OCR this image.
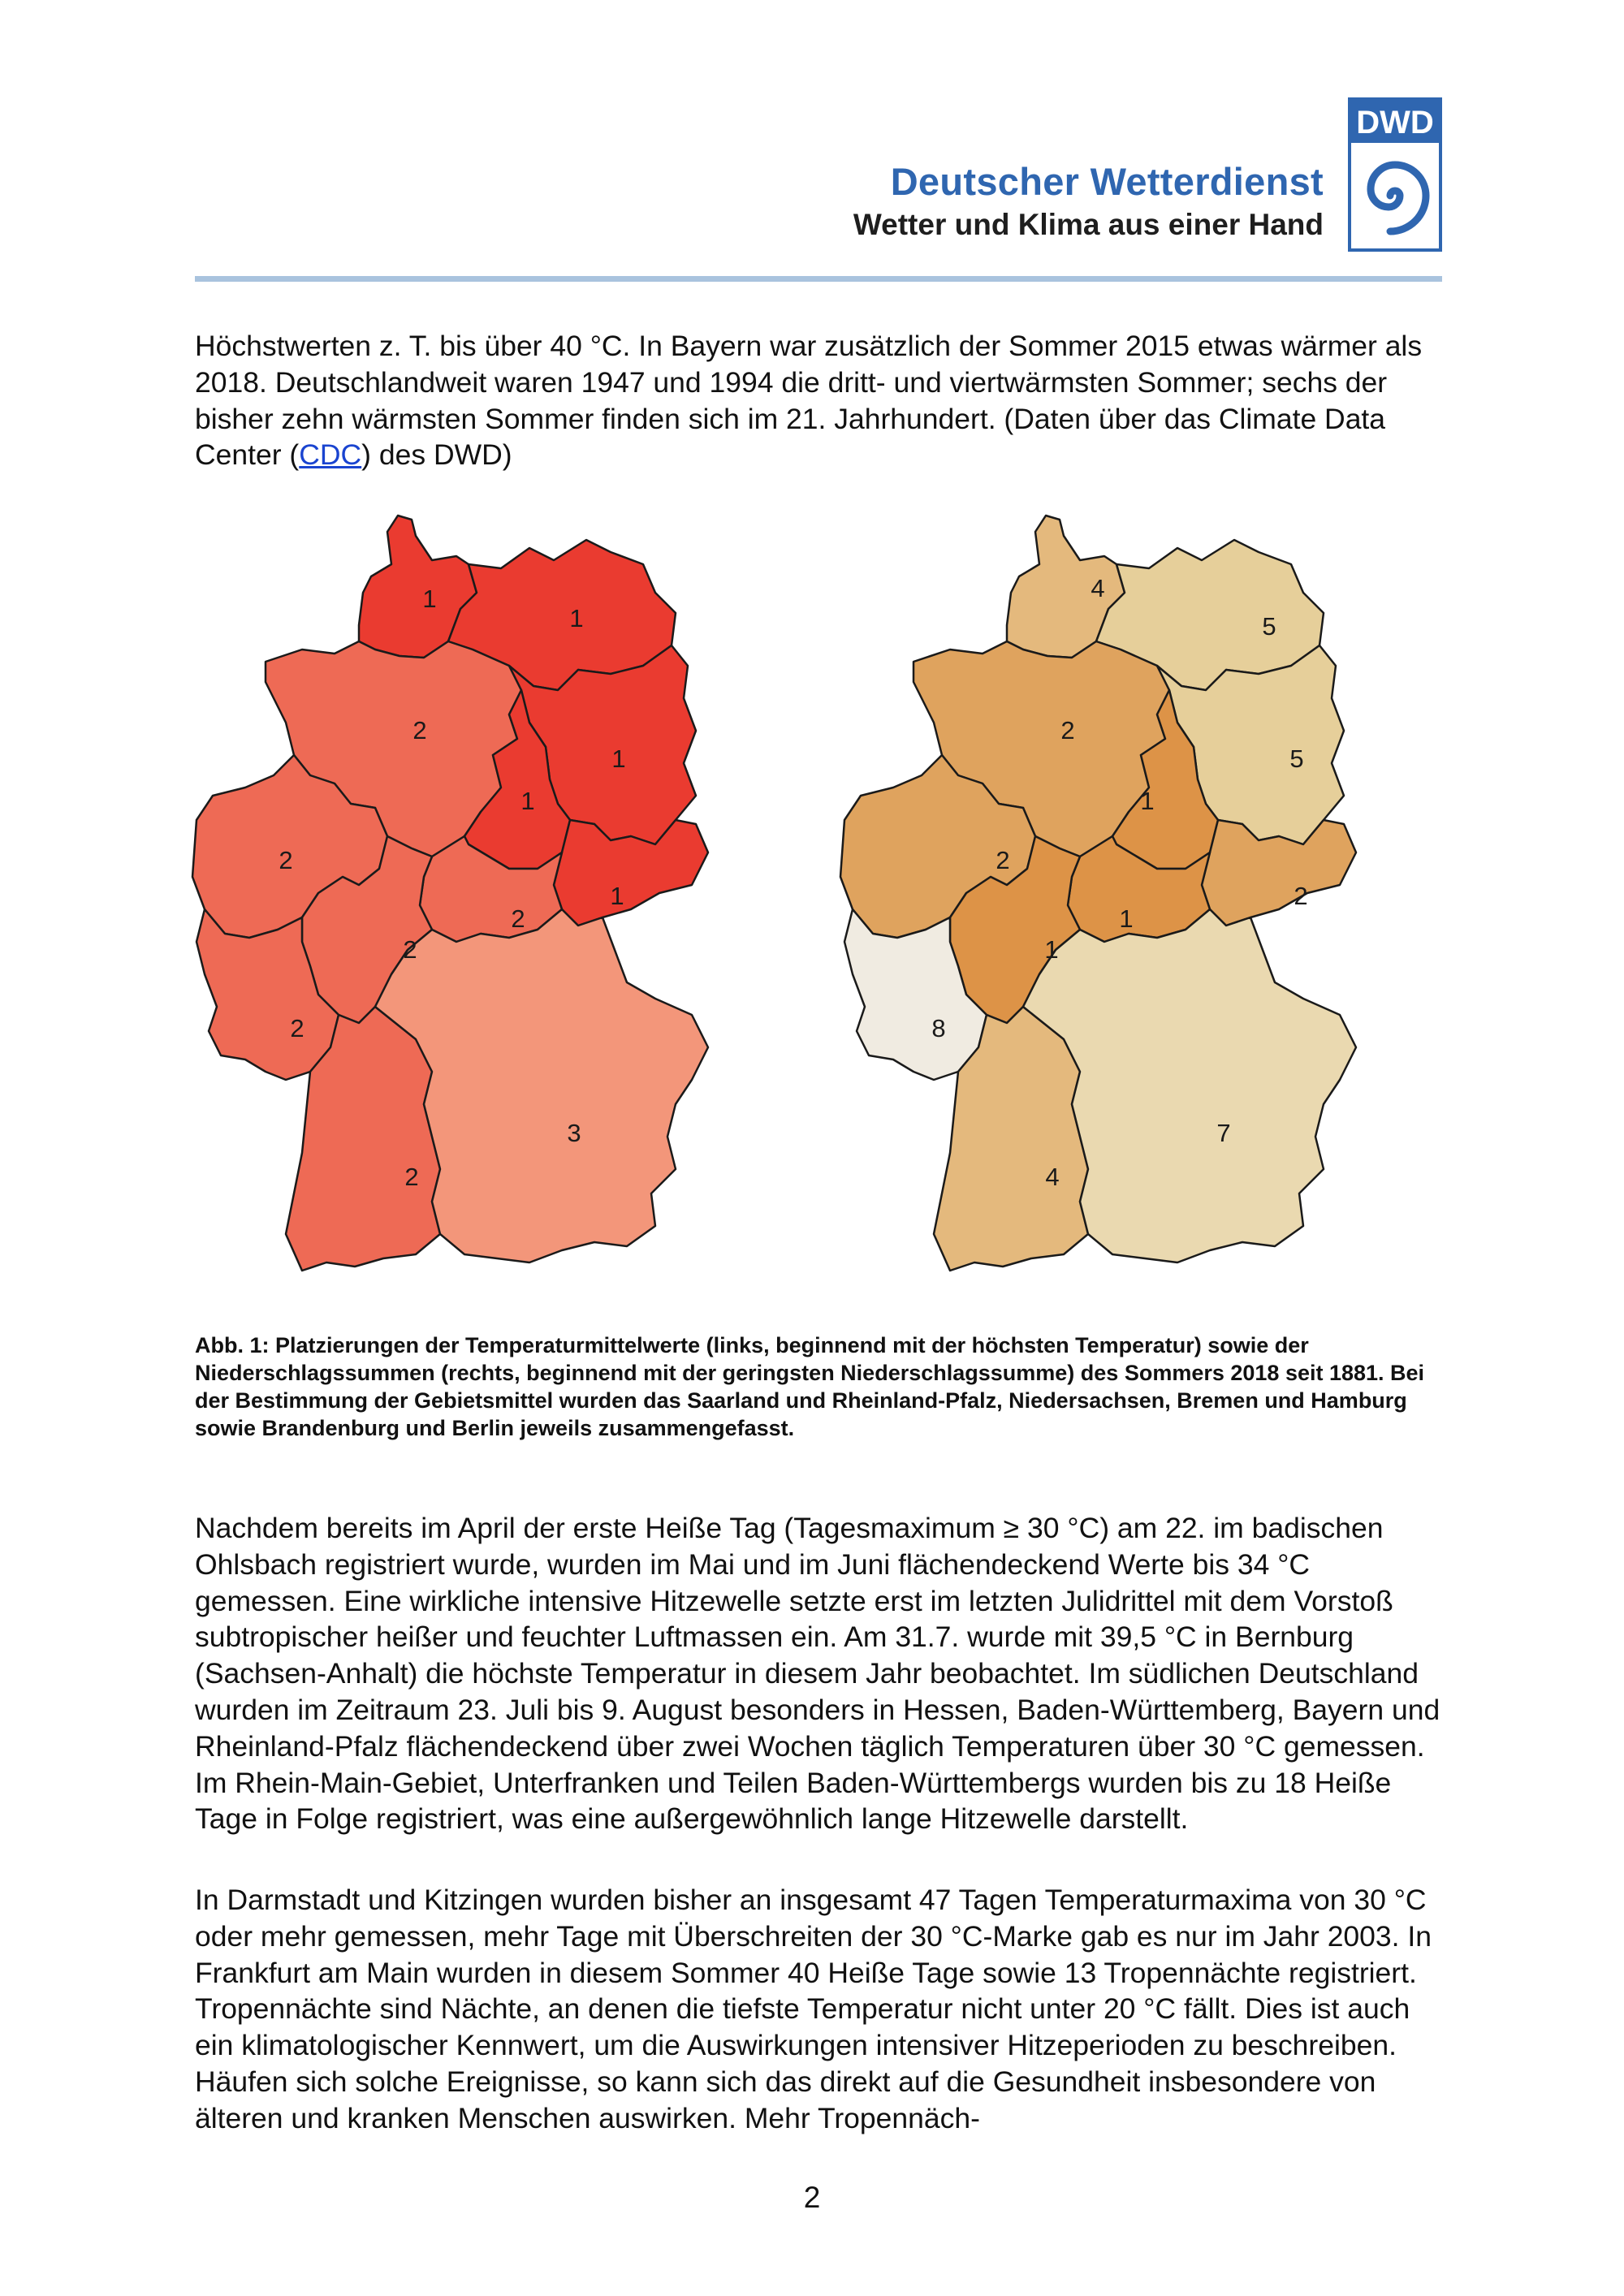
Deutscher Wetterdienst
Wetter und Klima aus einer Hand
DWD

Höchstwerten z. T. bis über 40 °C. In Bayern war zusätzlich der Sommer 2015 etwas wärmer als 2018. Deutschlandweit waren 1947 und 1994 die dritt- und viertwärmsten Sommer; sechs der bisher zehn wärmsten Sommer finden sich im 21. Jahrhundert. (Daten über das Climate Data Center (CDC) des DWD)

1
1
2
1
1
2
1
2
2
2
2
3
4
5
2
5
1
2
2
1
1
8
4
7

Abb. 1: Platzierungen der Temperaturmittelwerte (links, beginnend mit der höchsten Temperatur) sowie der Niederschlagssummen (rechts, beginnend mit der geringsten Niederschlagssumme) des Sommers 2018 seit 1881. Bei der Bestimmung der Gebietsmittel wurden das Saarland und Rheinland-Pfalz, Niedersachsen, Bremen und Hamburg sowie Brandenburg und Berlin jeweils zusammengefasst.

Nachdem bereits im April der erste Heiße Tag (Tagesmaximum ≥ 30 °C) am 22. im badischen Ohlsbach registriert wurde, wurden im Mai und im Juni flächendeckend Werte bis 34 °C gemessen. Eine wirkliche intensive Hitzewelle setzte erst im letzten Julidrittel mit dem Vorstoß subtropischer heißer und feuchter Luftmassen ein. Am 31.7. wurde mit 39,5 °C in Bernburg (Sachsen-Anhalt) die höchste Temperatur in diesem Jahr beobachtet. Im südlichen Deutschland wurden im Zeitraum 23. Juli bis 9. August besonders in Hessen, Baden-Württemberg, Bayern und Rheinland-Pfalz flächendeckend über zwei Wochen täglich Temperaturen über 30 °C gemessen. Im Rhein-Main-Gebiet, Unterfranken und Teilen Baden-Württembergs wurden bis zu 18 Heiße Tage in Folge registriert, was eine außergewöhnlich lange Hitzewelle darstellt.

In Darmstadt und Kitzingen wurden bisher an insgesamt 47 Tagen Temperaturmaxima von 30 °C oder mehr gemessen, mehr Tage mit Überschreiten der 30 °C-Marke gab es nur im Jahr 2003. In Frankfurt am Main wurden in diesem Sommer 40 Heiße Tage sowie 13 Tropennächte registriert. Tropennächte sind Nächte, an denen die tiefste Temperatur nicht unter 20 °C fällt. Dies ist auch ein klimatologischer Kennwert, um die Auswirkungen intensiver Hitzeperioden zu beschreiben. Häufen sich solche Ereignisse, so kann sich das direkt auf die Gesundheit insbesondere von älteren und kranken Menschen auswirken. Mehr Tropennäch-

2
